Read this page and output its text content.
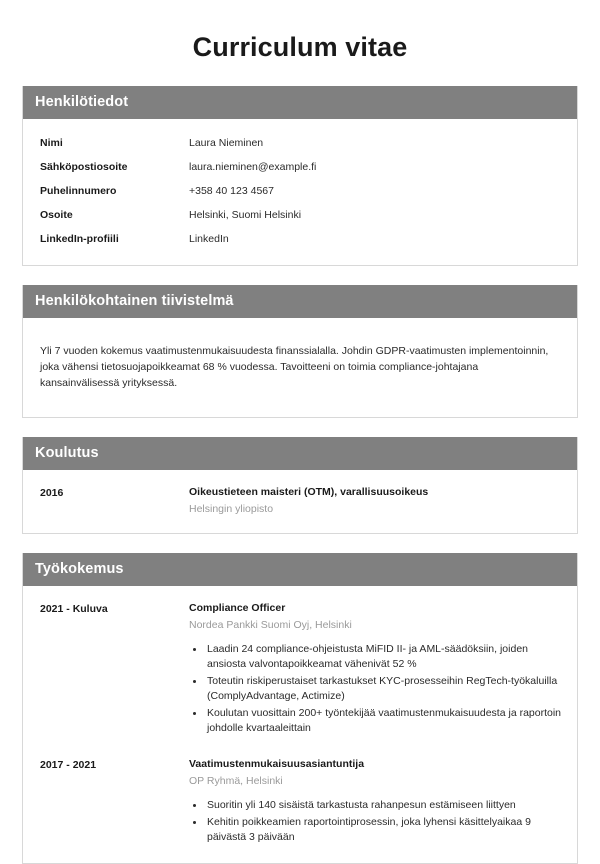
Curriculum vitae
Henkilötiedot
Nimi	Laura Nieminen
Sähköpostiosoite	laura.nieminen@example.fi
Puhelinnumero	+358 40 123 4567
Osoite	Helsinki, Suomi Helsinki
LinkedIn-profiili	LinkedIn
Henkilökohtainen tiivistelmä

Yli 7 vuoden kokemus vaatimustenmukaisuudesta finanssialalla. Johdin GDPR-vaatimusten implementoinnin, joka vähensi tietosuojapoikkeamat 68 % vuodessa. Tavoitteeni on toimia compliance-johtajana kansainvälisessä yrityksessä.

Koulutus
2016	Oikeustieteen maisteri (OTM), varallisuusoikeus
Helsingin yliopisto
Työkokemus
2021 - Kuluva	Compliance Officer
Nordea Pankki Suomi Oyj, Helsinki
• Laadin 24 compliance-ohjeistusta MiFID II- ja AML-säädöksiin, joiden ansiosta valvontapoikkeamat vähenivät 52 %
• Toteutin riskiperustaiset tarkastukset KYC-prosesseihin RegTech-työkaluilla (ComplyAdvantage, Actimize)
• Koulutan vuosittain 200+ työntekijää vaatimustenmukaisuudesta ja raportoin johdolle kvartaaleittain
2017 - 2021	Vaatimustenmukaisuusasiantuntija
OP Ryhmä, Helsinki
• Suoritin yli 140 sisäistä tarkastusta rahanpesun estämiseen liittyen
• Kehitin poikkeamien raportointiprosessin, joka lyhensi käsittelyaikaa 9 päivästä 3 päivään
